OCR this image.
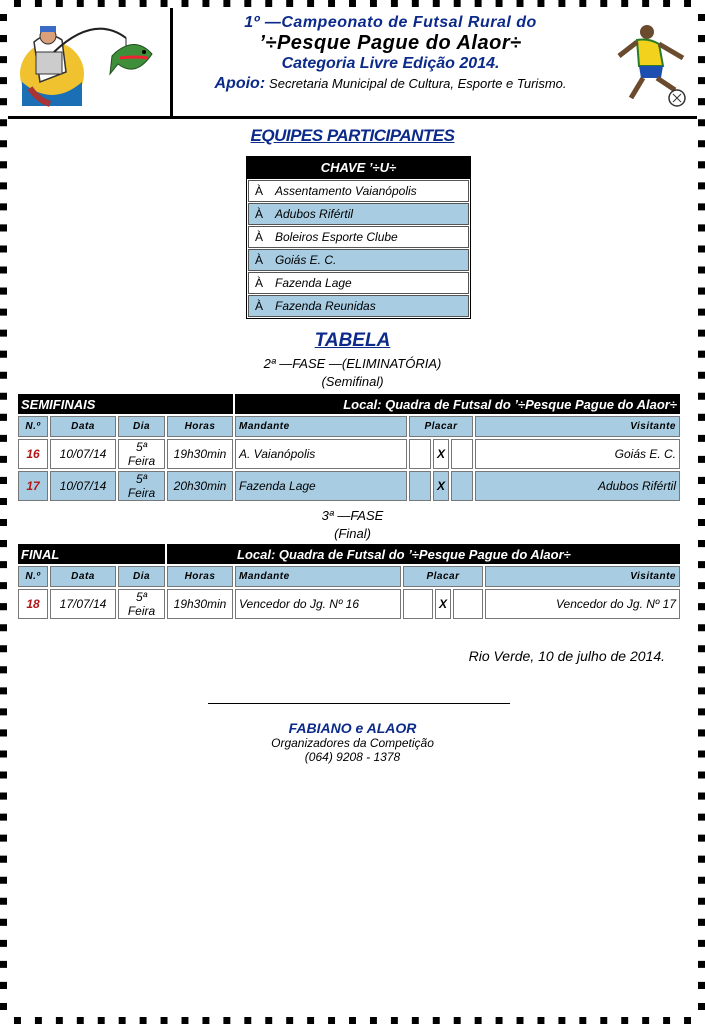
1º —Campeonato de Futsal Rural do
’÷Pesque Pague do Alaor÷
Categoria Livre Edição 2014.
Apoio: Secretaria Municipal de Cultura, Esporte e Turismo.
EQUIPES PARTICIPANTES
CHAVE ’÷U÷
À Assentamento Vaianópolis
À Adubos Rifértil
À Boleiros Esporte Clube
À Goiás E. C.
À Fazenda Lage
À Fazenda Reunidas
TABELA
2ª —FASE —(ELIMINATÓRIA)
(Semifinal)
SEMIFINAIS				Local: Quadra de Futsal do ’÷Pesque Pague do Alaor÷				
N.º	Data	Dia	Horas	Mandante	Placar			Visitante
16	10/07/14	5ª Feira	19h30min	A. Vaianópolis		X		Goiás E. C.
17	10/07/14	5ª Feira	20h30min	Fazenda Lage		X		Adubos Rifértil
3ª —FASE
(Final)
FINAL			Local: Quadra de Futsal do ’÷Pesque Pague do Alaor÷					
N.º	Data	Dia	Horas	Mandante	Placar			Visitante
18	17/07/14	5ª Feira	19h30min	Vencedor do Jg. Nº 16		X		Vencedor do Jg. Nº 17
Rio Verde, 10 de julho de 2014.
FABIANO e ALAOR
Organizadores da Competição
(064) 9208 - 1378
